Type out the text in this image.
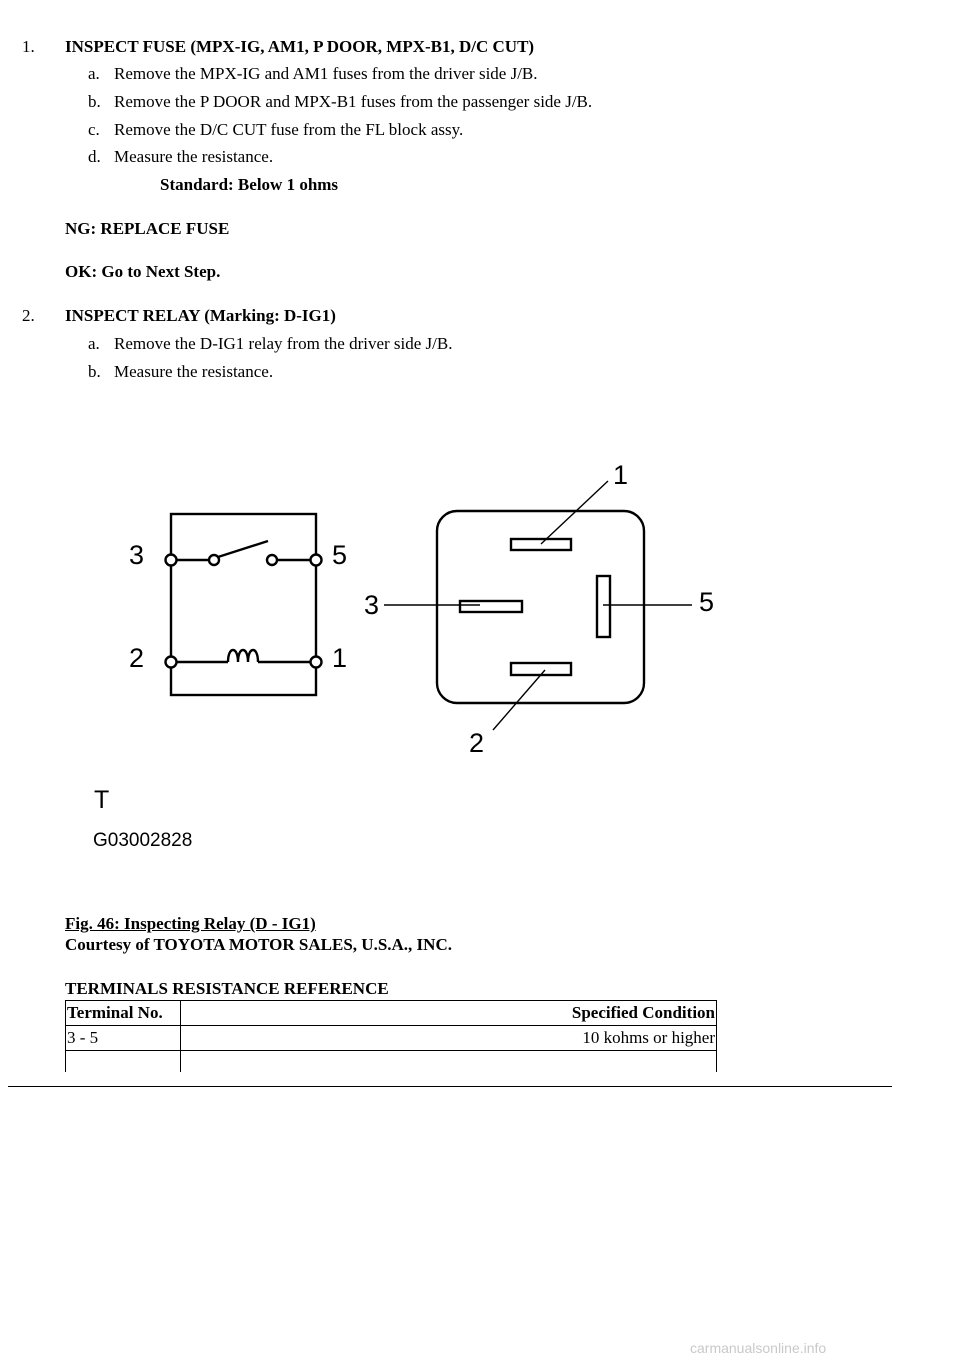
1. INSPECT FUSE (MPX-IG, AM1, P DOOR, MPX-B1, D/C CUT)
a. Remove the MPX-IG and AM1 fuses from the driver side J/B.
b. Remove the P DOOR and MPX-B1 fuses from the passenger side J/B.
c. Remove the D/C CUT fuse from the FL block assy.
d. Measure the resistance.
Standard: Below 1 ohms
NG: REPLACE FUSE
OK: Go to Next Step.
2. INSPECT RELAY (Marking: D-IG1)
a. Remove the D-IG1 relay from the driver side J/B.
b. Measure the resistance.
3	5
2	1
1
3	5
2
T
G03002828
Fig. 46: Inspecting Relay (D - IG1)
Courtesy of TOYOTA MOTOR SALES, U.S.A., INC.
TERMINALS RESISTANCE REFERENCE
Terminal No.	Specified Condition
3 - 5	10 kohms or higher

carmanualsonline.info
